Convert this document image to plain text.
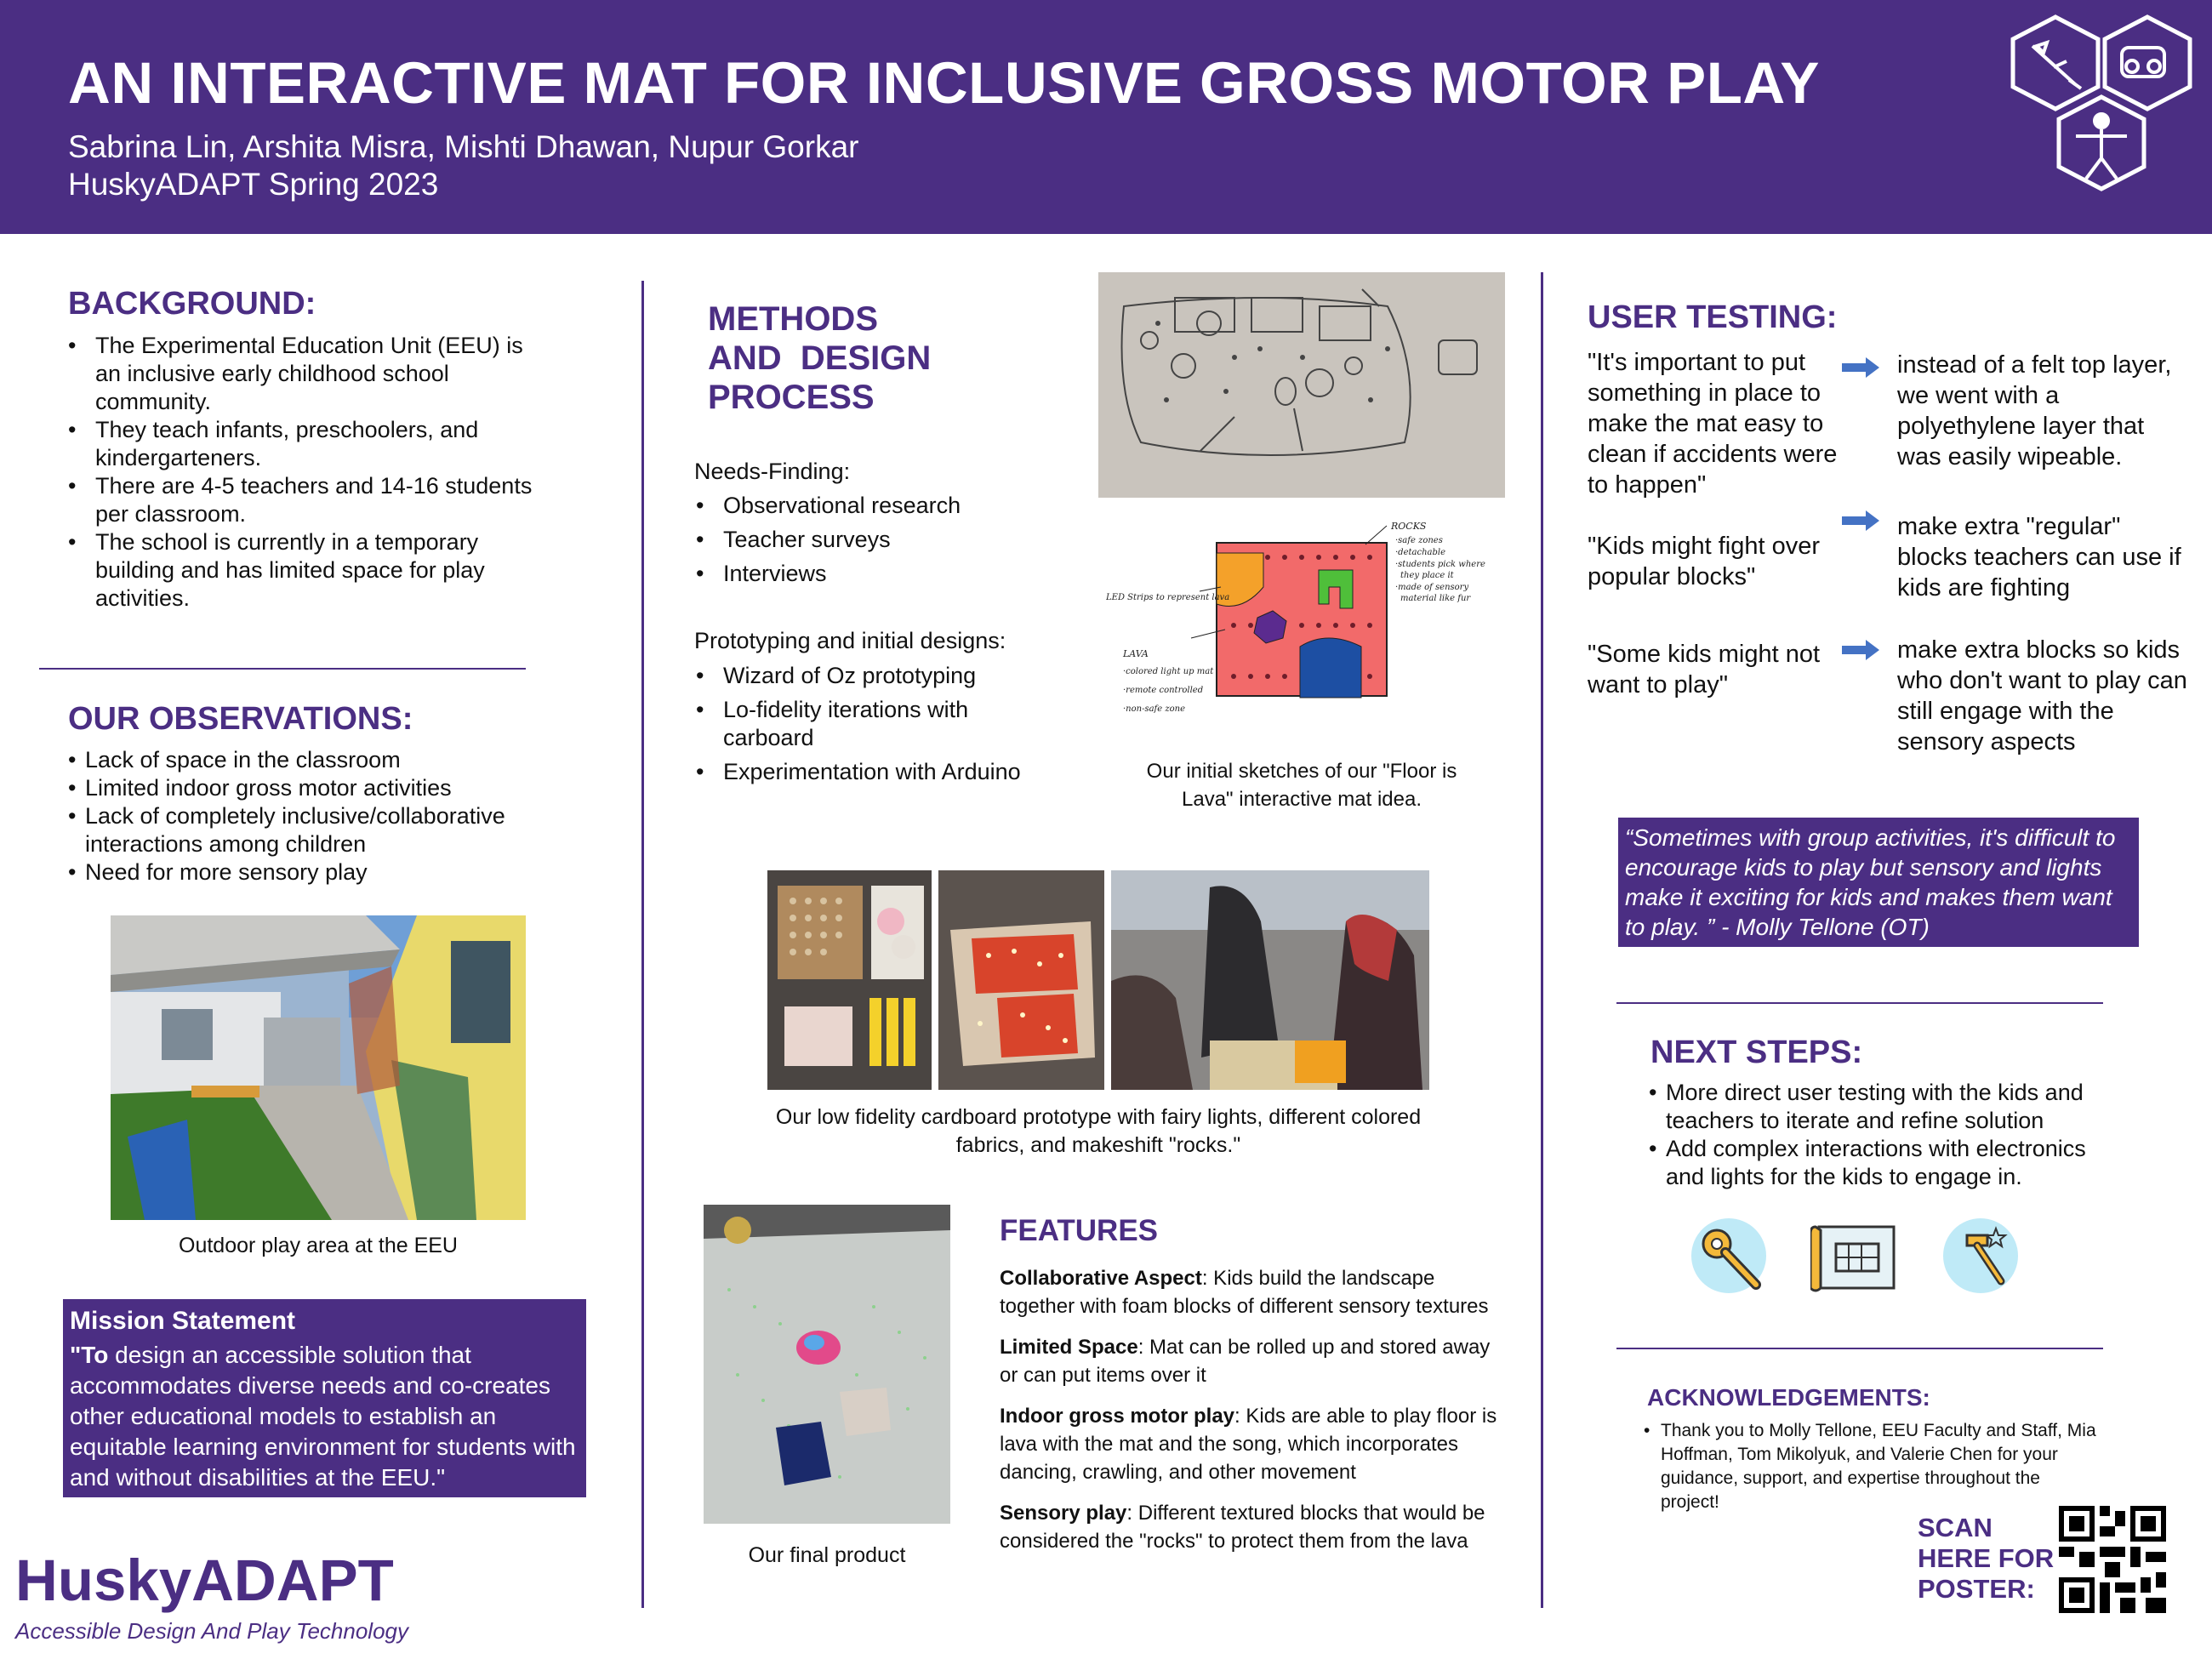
AN INTERACTIVE MAT FOR INCLUSIVE GROSS MOTOR PLAY
Sabrina Lin, Arshita Misra, Mishti Dhawan, Nupur Gorkar
HuskyADAPT Spring 2023
BACKGROUND:
• The Experimental Education Unit (EEU) is an inclusive early childhood school community.
• They teach infants, preschoolers, and kindergarteners.
• There are 4-5 teachers and 14-16 students per classroom.
• The school is currently in a temporary building and has limited space for play activities.
OUR OBSERVATIONS:
• Lack of space in the classroom
• Limited indoor gross motor activities
• Lack of completely inclusive/collaborative interactions among children
• Need for more sensory play
Outdoor play area at the EEU
Mission Statement
"To design an accessible solution that accommodates diverse needs and co-creates other educational models to establish an equitable learning environment for students with and without disabilities at the EEU."
HuskyADAPT
Accessible Design And Play Technology
METHODS
AND  DESIGN
PROCESS
Needs-Finding:
• Observational research
• Teacher surveys
• Interviews
Prototyping and initial designs:
• Wizard of Oz prototyping
• Lo-fidelity iterations with carboard
• Experimentation with Arduino
ROCKS
·safe zones
·detachable
·students pick where
they place it
·made of sensory
material like fur
LED Strips to represent lava
LAVA
·colored light up mat
·remote controlled
·non-safe zone
Our initial sketches of our "Floor is Lava" interactive mat idea.
Our low fidelity cardboard prototype with fairy lights, different colored fabrics, and makeshift "rocks."
Our final product
FEATURES

Collaborative Aspect: Kids build the landscape together with foam blocks of different sensory textures

Limited Space: Mat can be rolled up and stored away or can put items over it

Indoor gross motor play: Kids are able to play floor is lava with the mat and the song, which incorporates dancing, crawling, and other movement

Sensory play: Different textured blocks that would be considered the "rocks" to protect them from the lava

USER TESTING:
"It's important to put something in place to make the mat easy to clean if accidents were to happen"
instead of a felt top layer, we went with a polyethylene layer that was easily wipeable.
"Kids might fight over popular blocks"
make extra "regular" blocks teachers can use if kids are fighting
"Some kids might not want to play"
make extra blocks so kids who don't want to play can still engage with the sensory aspects
“Sometimes with group activities, it's difficult to encourage kids to play but sensory and lights make it exciting for kids and makes them want to play. ” - Molly Tellone (OT)
NEXT STEPS:
• More direct user testing with the kids and teachers to iterate and refine solution
• Add complex interactions with electronics and lights for the kids to engage in.
ACKNOWLEDGEMENTS:
• Thank you to Molly Tellone, EEU Faculty and Staff, Mia Hoffman, Tom Mikolyuk, and Valerie Chen for your guidance, support, and expertise throughout the project!
SCAN
HERE FOR
POSTER:
